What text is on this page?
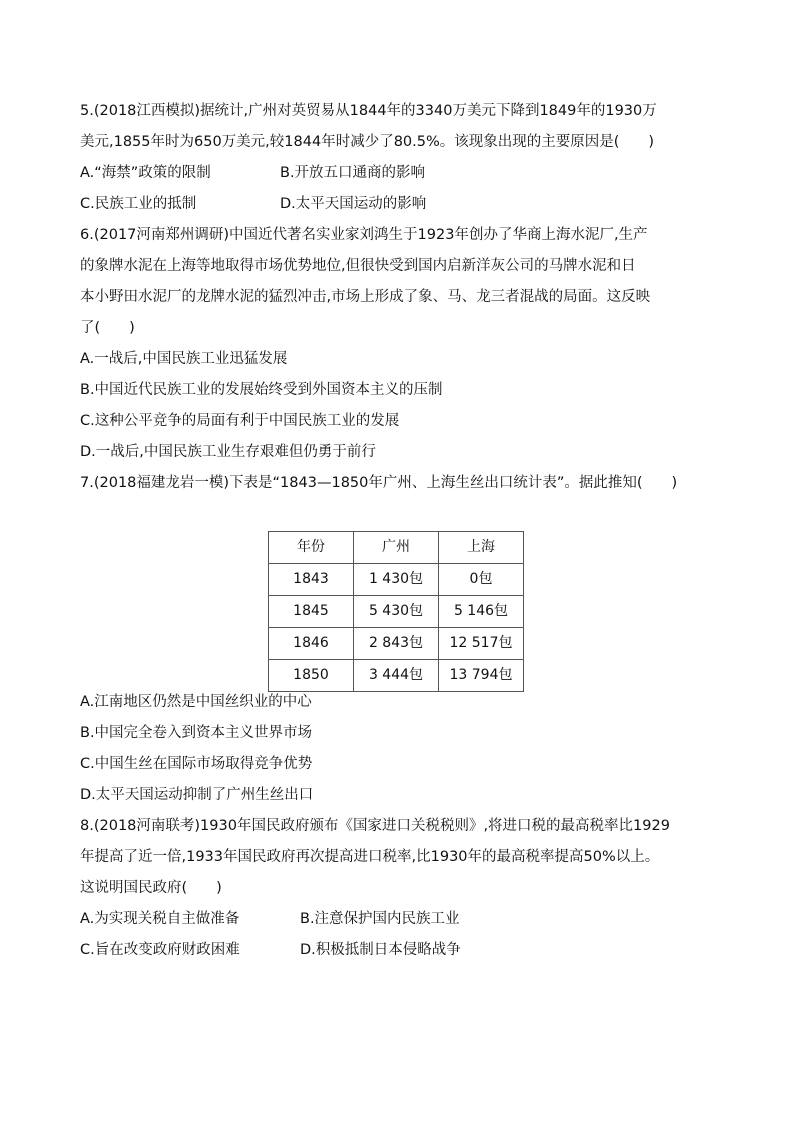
5.(2018江西模拟)据统计,广州对英贸易从1844年的3340万美元下降到1849年的1930万
美元,1855年时为650万美元,较1844年时减少了80.5%。该现象出现的主要原因是(　　)
A.“海禁”政策的限制	B.开放五口通商的影响
C.民族工业的抵制	D.太平天国运动的影响
6.(2017河南郑州调研)中国近代著名实业家刘鸿生于1923年创办了华商上海水泥厂,生产
的象牌水泥在上海等地取得市场优势地位,但很快受到国内启新洋灰公司的马牌水泥和日
本小野田水泥厂的龙牌水泥的猛烈冲击,市场上形成了象、马、龙三者混战的局面。这反映
了(　　)
A.一战后,中国民族工业迅猛发展
B.中国近代民族工业的发展始终受到外国资本主义的压制
C.这种公平竞争的局面有利于中国民族工业的发展
D.一战后,中国民族工业生存艰难但仍勇于前行
7.(2018福建龙岩一模)下表是“1843—1850年广州、上海生丝出口统计表”。据此推知(　　)
年份	广州	上海
1843	1 430包	0包
1845	5 430包	5 146包
1846	2 843包	12 517包
1850	3 444包	13 794包
A.江南地区仍然是中国丝织业的中心
B.中国完全卷入到资本主义世界市场
C.中国生丝在国际市场取得竞争优势
D.太平天国运动抑制了广州生丝出口
8.(2018河南联考)1930年国民政府颁布《国家进口关税税则》,将进口税的最高税率比1929
年提高了近一倍,1933年国民政府再次提高进口税率,比1930年的最高税率提高50%以上。
这说明国民政府(　　)
A.为实现关税自主做准备	B.注意保护国内民族工业
C.旨在改变政府财政困难	D.积极抵制日本侵略战争
